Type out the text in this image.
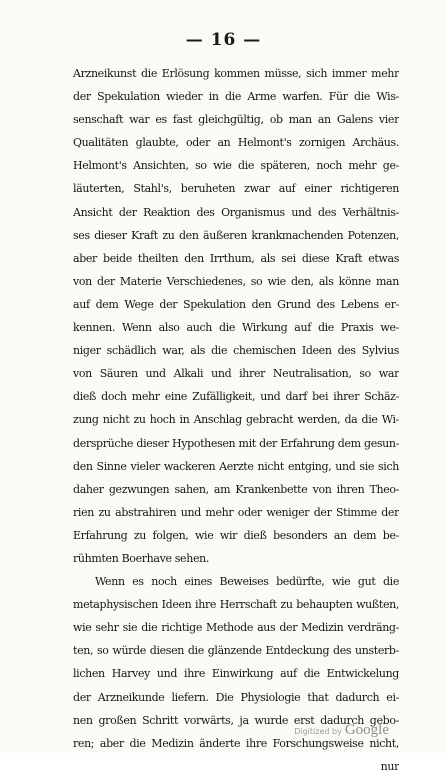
— 16 —
Arzneikunst die Erlösung kommen müsse, sich immer mehr
der Spekulation wieder in die Arme warfen. Für die Wis-
senschaft war es fast gleichgültig, ob man an Galens vier
Qualitäten glaubte, oder an Helmont's zornigen Archäus.
Helmont's Ansichten, so wie die späteren, noch mehr ge-
läuterten, Stahl's, beruheten zwar auf einer richtigeren
Ansicht der Reaktion des Organismus und des Verhältnis-
ses dieser Kraft zu den äußeren krankmachenden Potenzen,
aber beide theilten den Irrthum, als sei diese Kraft etwas
von der Materie Verschiedenes, so wie den, als könne man
auf dem Wege der Spekulation den Grund des Lebens er-
kennen. Wenn also auch die Wirkung auf die Praxis we-
niger schädlich war, als die chemischen Ideen des Sylvius
von Säuren und Alkali und ihrer Neutralisation, so war
dieß doch mehr eine Zufälligkeit, und darf bei ihrer Schäz-
zung nicht zu hoch in Anschlag gebracht werden, da die Wi-
dersprüche dieser Hypothesen mit der Erfahrung dem gesun-
den Sinne vieler wackeren Aerzte nicht entging, und sie sich
daher gezwungen sahen, am Krankenbette von ihren Theo-
rien zu abstrahiren und mehr oder weniger der Stimme der
Erfahrung zu folgen, wie wir dieß besonders an dem be-
rühmten Boerhave sehen.
Wenn es noch eines Beweises bedürfte, wie gut die
metaphysischen Ideen ihre Herrschaft zu behaupten wußten,
wie sehr sie die richtige Methode aus der Medizin verdräng-
ten, so würde diesen die glänzende Entdeckung des unsterb-
lichen Harvey und ihre Einwirkung auf die Entwickelung
der Arzneikunde liefern. Die Physiologie that dadurch ei-
nen großen Schritt vorwärts, ja wurde erst dadurch gebo-
ren; aber die Medizin änderte ihre Forschungsweise nicht,
nur
Digitized by Google
